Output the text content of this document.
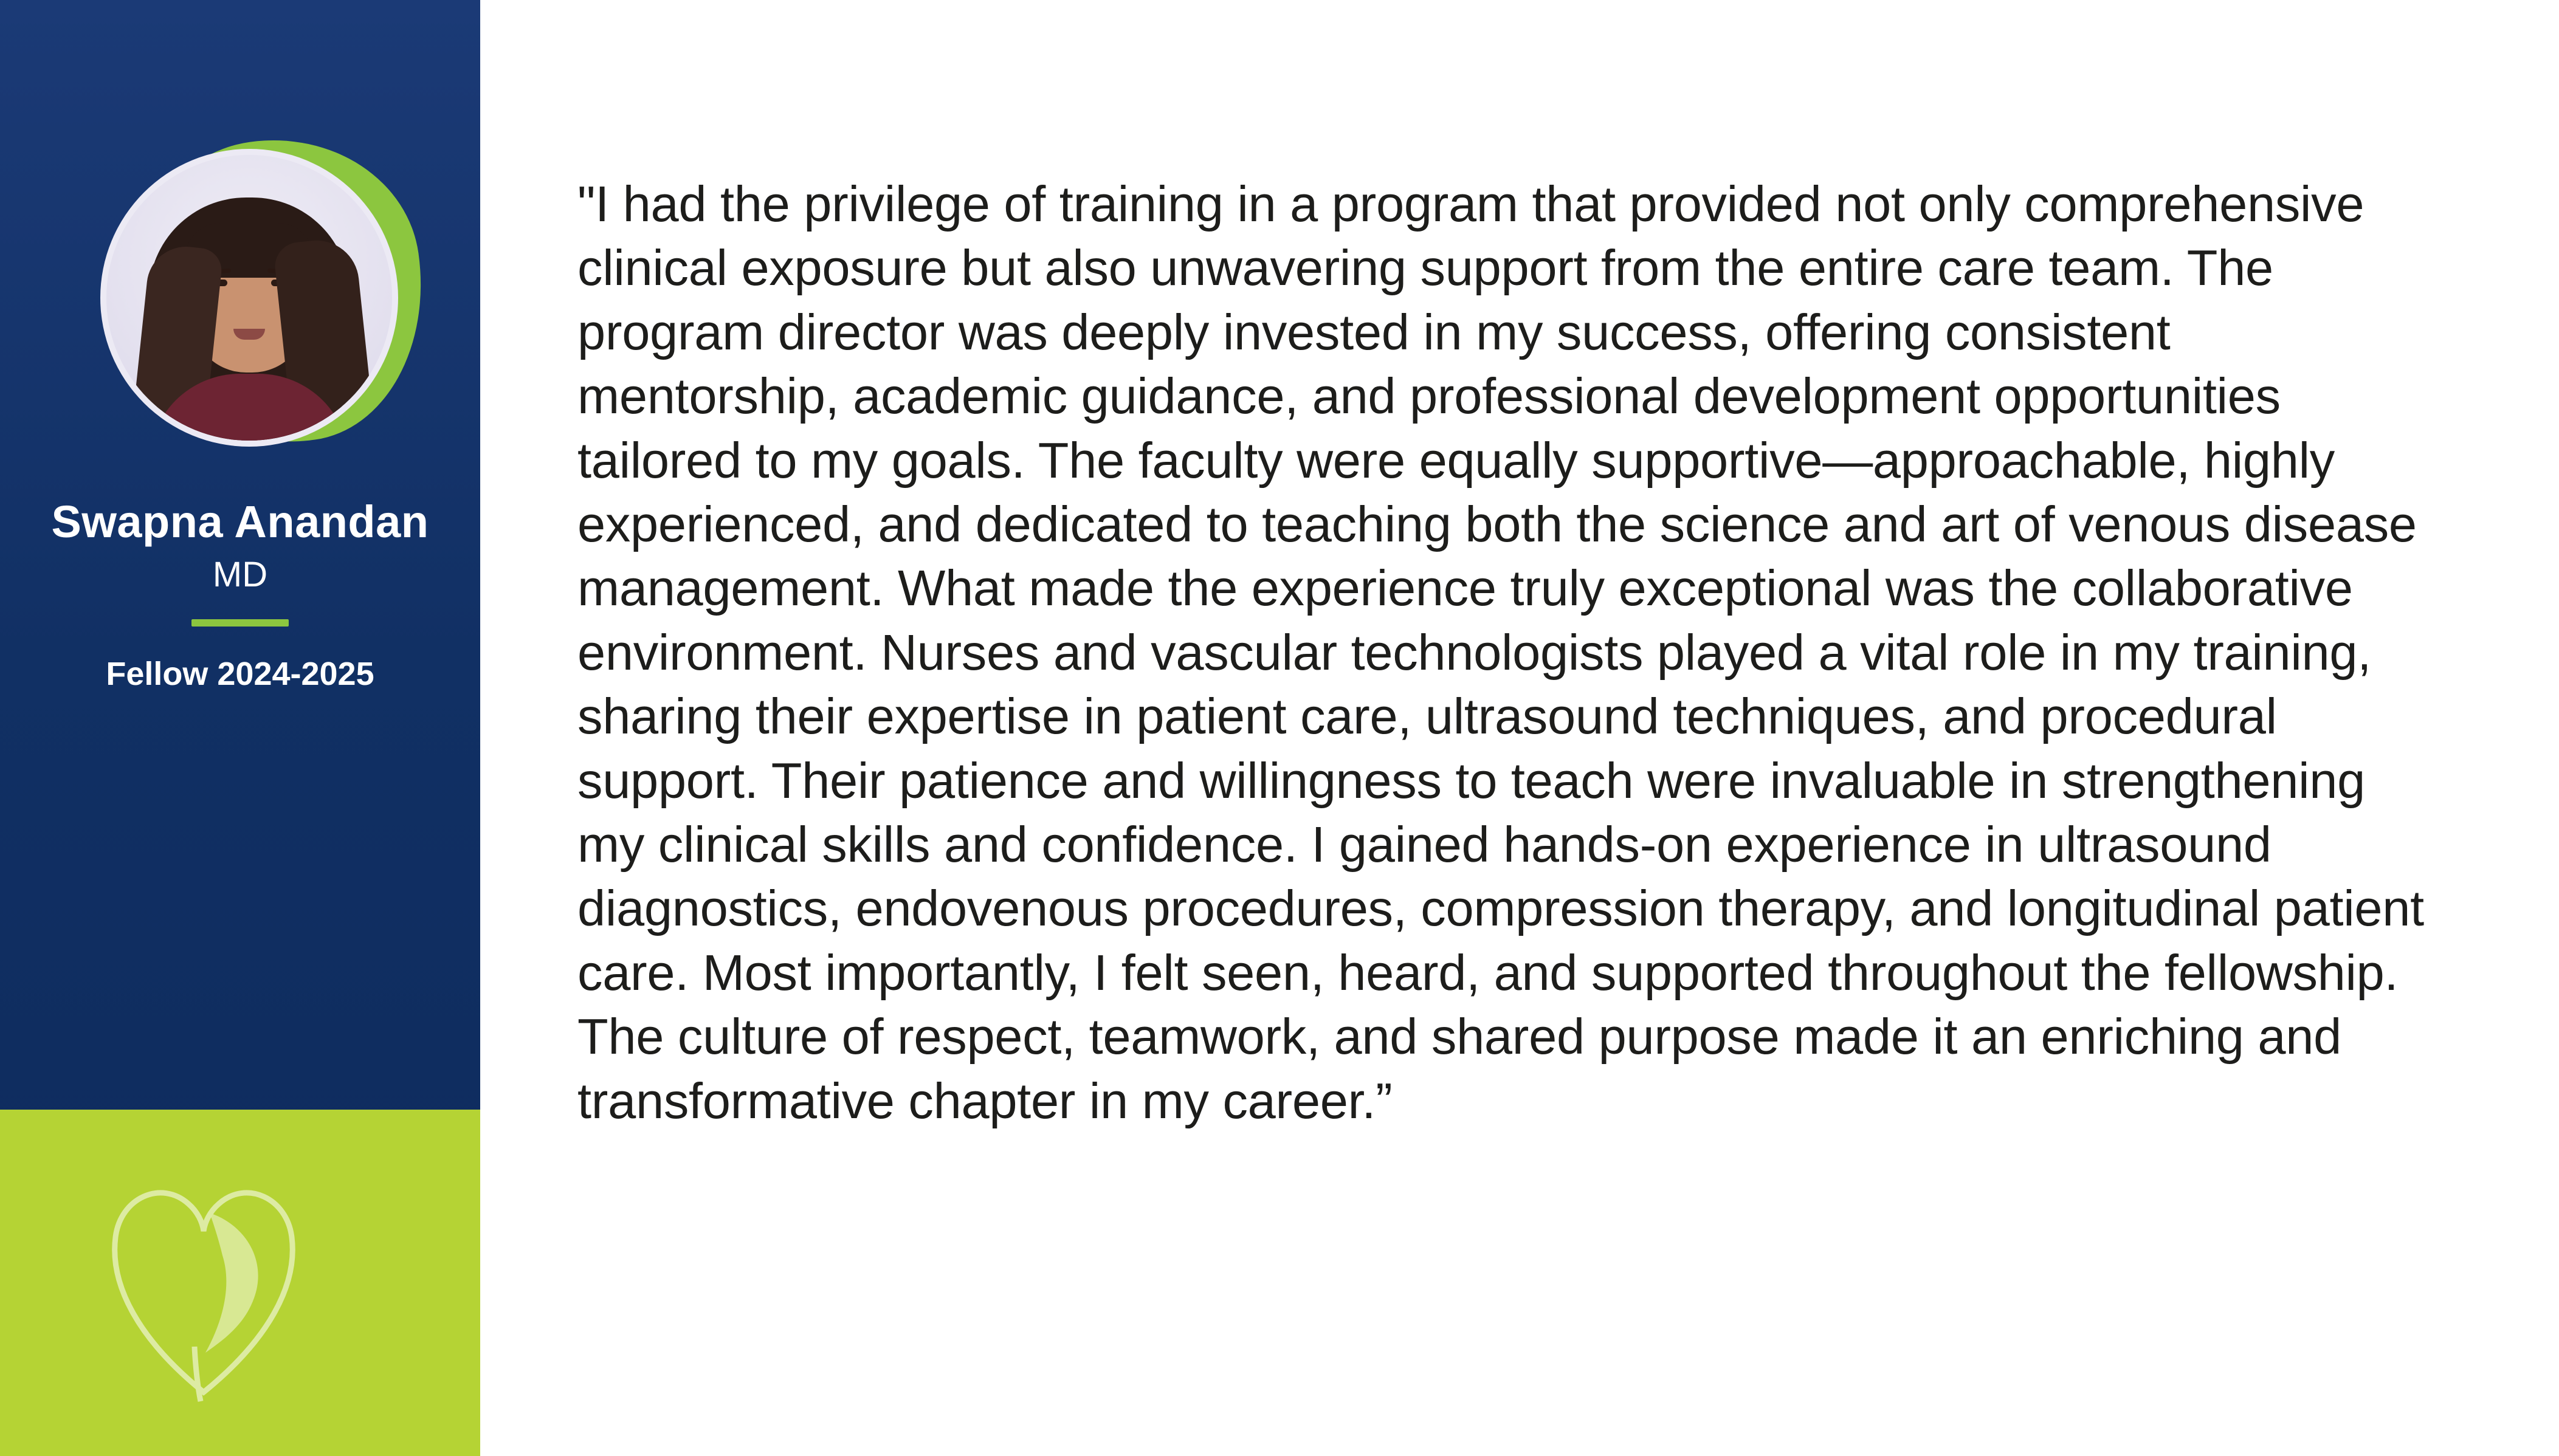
Swapna Anandan
MD
Fellow 2024-2025

"I had the privilege of training in a program that provided not only comprehensive clinical exposure but also unwavering support from the entire care team. The program director was deeply invested in my success, offering consistent mentorship, academic guidance, and professional development opportunities tailored to my goals. The faculty were equally supportive—approachable, highly experienced, and dedicated to teaching both the science and art of venous disease management. What made the experience truly exceptional was the collaborative environment. Nurses and vascular technologists played a vital role in my training, sharing their expertise in patient care, ultrasound techniques, and procedural support. Their patience and willingness to teach were invaluable in strengthening my clinical skills and confidence. I gained hands-on experience in ultrasound diagnostics, endovenous procedures, compression therapy, and longitudinal patient care. Most importantly, I felt seen, heard, and supported throughout the fellowship. The culture of respect, teamwork, and shared purpose made it an enriching and transformative chapter in my career.”
